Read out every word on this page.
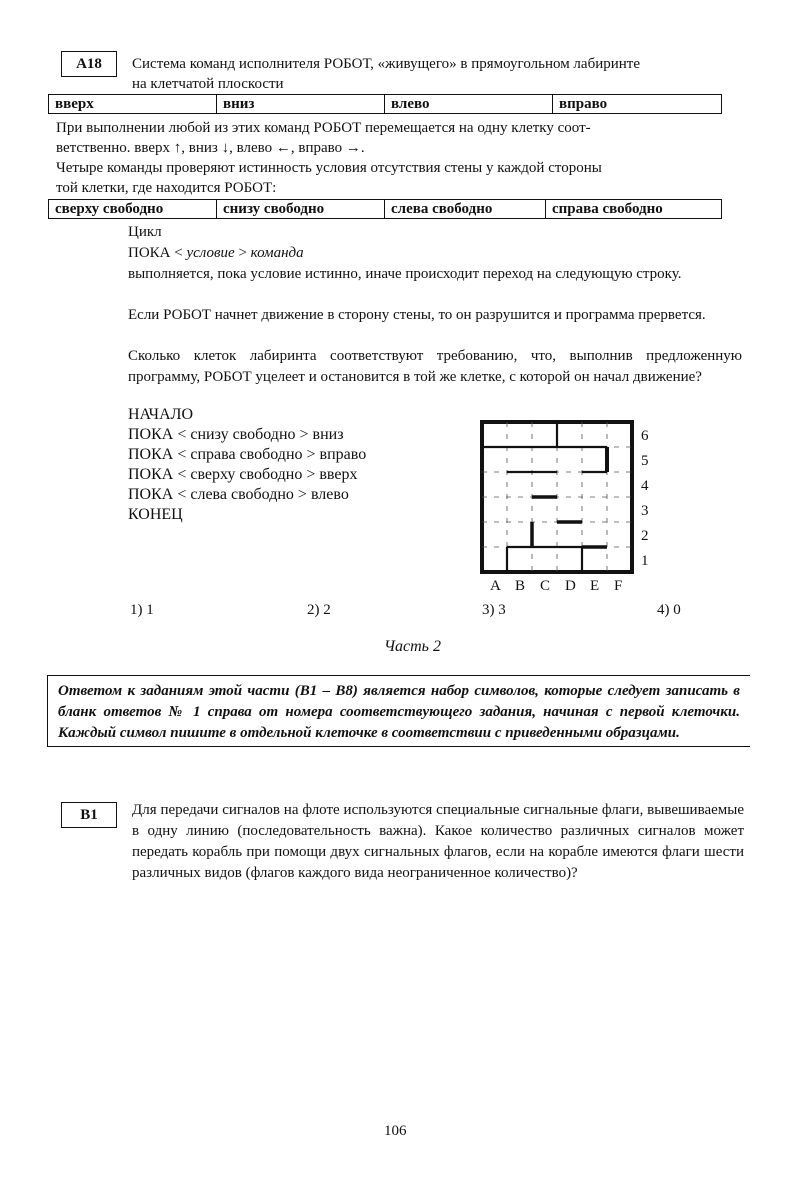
A18	Система команд исполнителя РОБОТ, «живущего» в прямоугольном лабиринте
на клетчатой плоскости
вверх	вниз	влево	вправо
При выполнении любой из этих команд РОБОТ перемещается на одну клетку соот-
ветственно. вверх ↑, вниз ↓, влево ←, вправо →.
Четыре команды проверяют истинность условия отсутствия стены у каждой стороны
той клетки, где находится РОБОТ:
сверху свободно	снизу свободно	слева свободно	справа свободно
Цикл
ПОКА < условие > команда
выполняется, пока условие истинно, иначе происходит переход на следующую строку.
Если РОБОТ начнет движение в сторону стены, то он разрушится и программа прервется.
Сколько клеток лабиринта соответствуют требованию, что, выполнив предложенную программу, РОБОТ уцелеет и остановится в той же клетке, с которой он начал движение?
НАЧАЛО
ПОКА < снизу свободно > вниз
ПОКА < справа свободно > вправо
ПОКА < сверху свободно > вверх
ПОКА < слева свободно > влево
КОНЕЦ
6
5
4
3
2
1
A B C D E F
1) 1	2) 2	3) 3	4) 0
Часть 2
Ответом к заданиям этой части (В1 – В8) является набор символов, которые следует записать в бланк ответов № 1 справа от номера соответствующего задания, начиная с первой клеточки. Каждый символ пишите в отдельной клеточке в соответствии с приведенными образцами.
В1	Для передачи сигналов на флоте используются специальные сигнальные флаги, вывешиваемые в одну линию (последовательность важна). Какое количество различных сигналов может передать корабль при помощи двух сигнальных флагов, если на корабле имеются флаги шести различных видов (флагов каждого вида неограниченное количество)?
106
